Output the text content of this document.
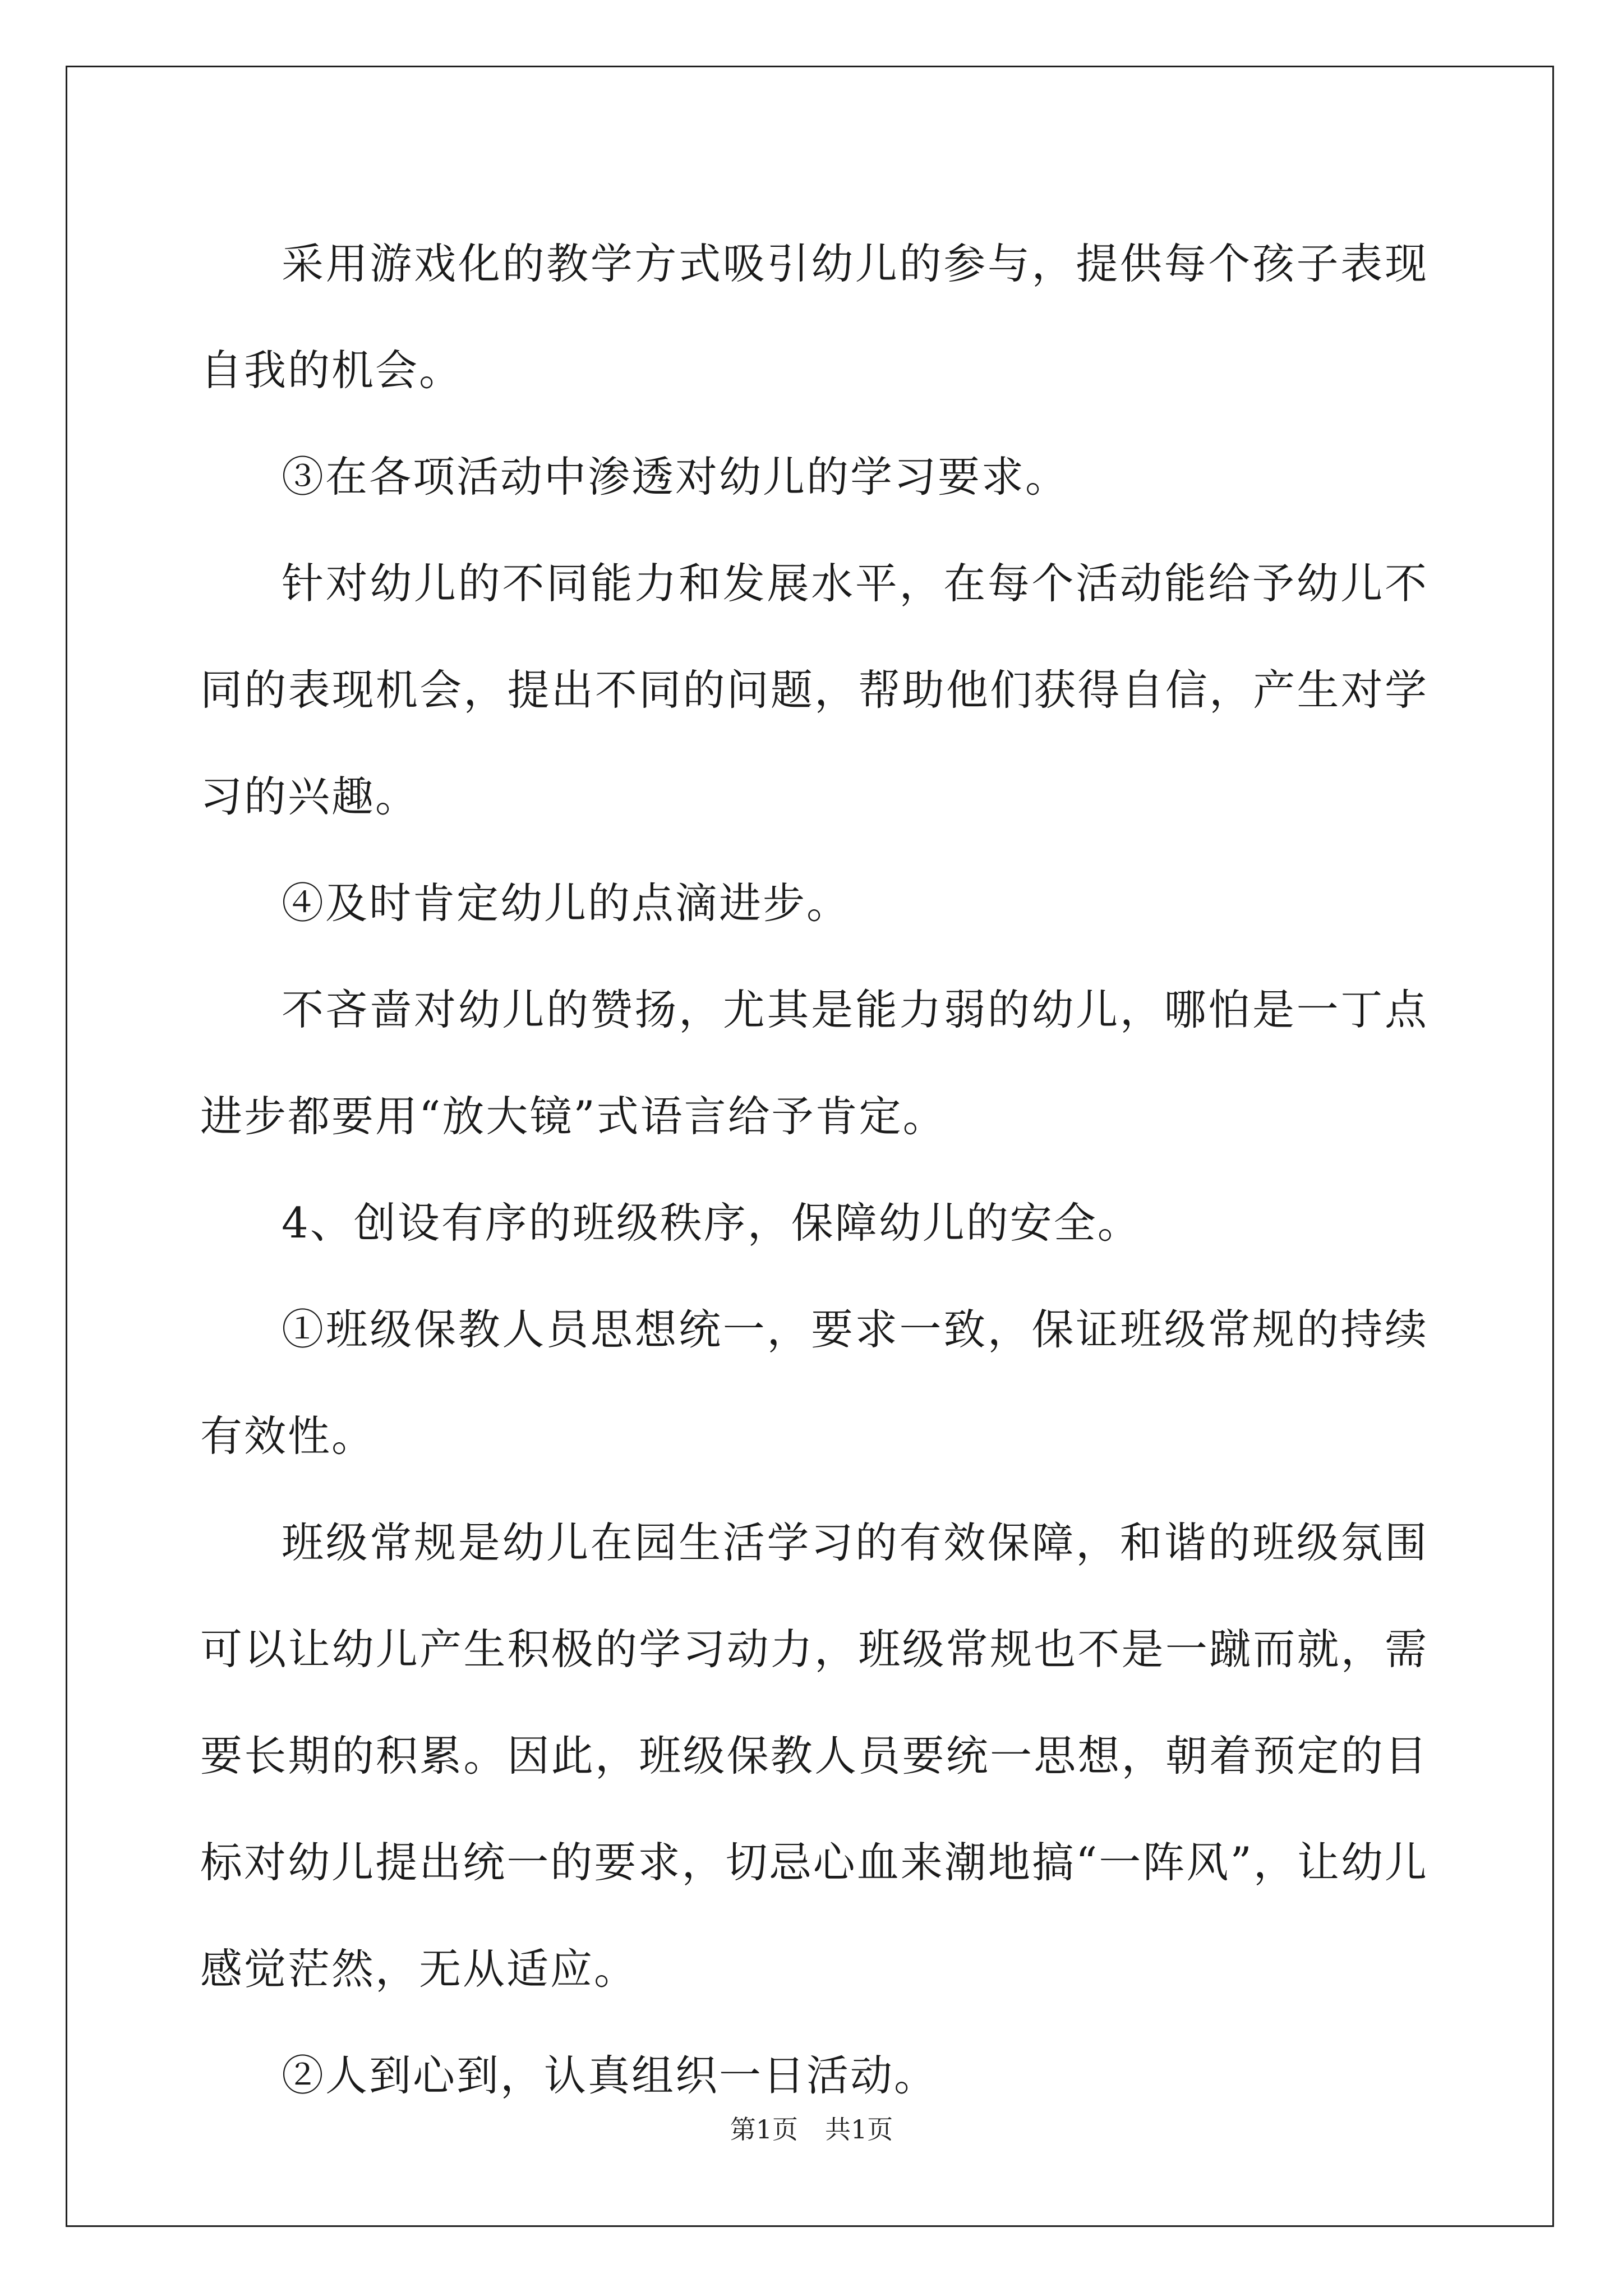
采用游戏化的教学方式吸引幼儿的参与，提供每个孩子表现自我的机会。

③在各项活动中渗透对幼儿的学习要求。

针对幼儿的不同能力和发展水平，在每个活动能给予幼儿不同的表现机会，提出不同的问题，帮助他们获得自信，产生对学习的兴趣。

④及时肯定幼儿的点滴进步。

不吝啬对幼儿的赞扬，尤其是能力弱的幼儿，哪怕是一丁点进步都要用“放大镜”式语言给予肯定。

4、创设有序的班级秩序，保障幼儿的安全。

①班级保教人员思想统一，要求一致，保证班级常规的持续有效性。

班级常规是幼儿在园生活学习的有效保障，和谐的班级氛围可以让幼儿产生积极的学习动力，班级常规也不是一蹴而就，需要长期的积累。因此，班级保教人员要统一思想，朝着预定的目标对幼儿提出统一的要求，切忌心血来潮地搞“一阵风”，让幼儿感觉茫然，无从适应。

②人到心到，认真组织一日活动。

第1页 共1页
